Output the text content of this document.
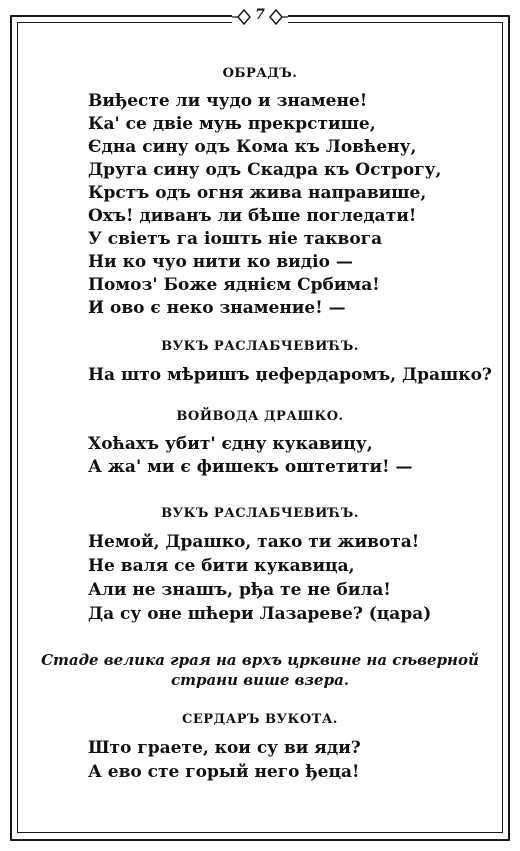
7
ОБРАДЪ.
Виђесте ли чудо и знамене!
Ка' се двіе муњ прекрстише,
Єдна сину одъ Кома къ Ловћену,
Друга сину одъ Скадра къ Острогу,
Крстъ одъ огня жива направише,
Охъ! диванъ ли бѣше погледати!
У свіетъ га іошть ніе таквога
Ни ко чуо нити ко видіо —
Помоз' Боже яднієм Србима!
И ово є неко знамение! —
ВУКЪ РАСЛАБЧЕВИЋЪ.
На што мѣришъ џефердаромъ, Драшко?
ВОЙВОДА ДРАШКО.
Хоћахъ убит' єдну кукавицу,
А жа' ми є фишекъ оштетити! —
ВУКЪ РАСЛАБЧЕВИЋЪ.
Немой, Драшко, тако ти живота!
Не валя се бити кукавица,
Али не знашъ, рђа те не била!
Да су оне шћери Лазареве? (цара)
Стаде велика грая на врхъ црквине на сѣверной
страни више взера.
СЕРДАРЪ ВУКОТА.
Што граете, кои су ви яди?
А ево сте горый него ђеца!
